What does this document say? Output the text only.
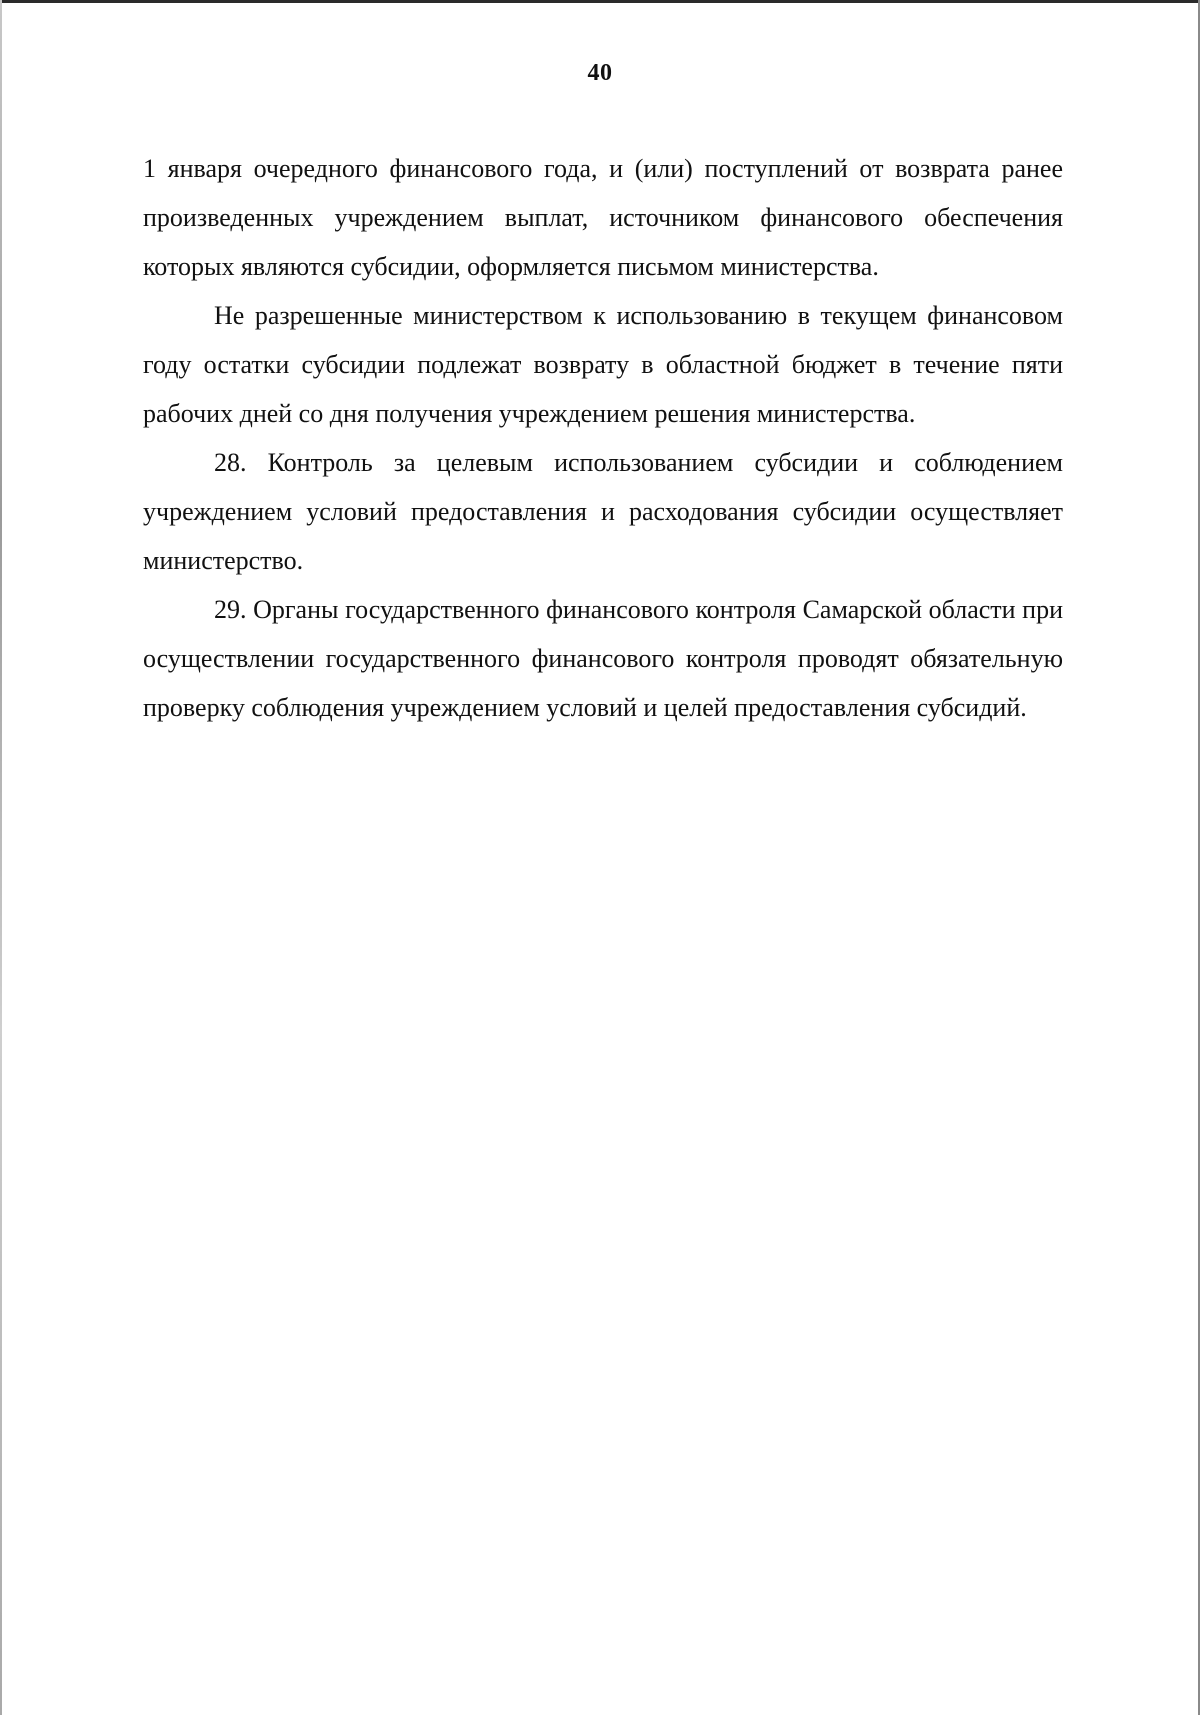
40

1 января очередного финансового года, и (или) поступлений от возврата ранее произведенных учреждением выплат, источником финансового обеспечения которых являются субсидии, оформляется письмом министерства.

Не разрешенные министерством к использованию в текущем финансовом году остатки субсидии подлежат возврату в областной бюджет в течение пяти рабочих дней со дня получения учреждением решения министерства.

28. Контроль за целевым использованием субсидии и соблюдением учреждением условий предоставления и расходования субсидии осуществляет министерство.

29. Органы государственного финансового контроля Самарской области при осуществлении государственного финансового контроля проводят обязательную проверку соблюдения учреждением условий и целей предоставления субсидий.
